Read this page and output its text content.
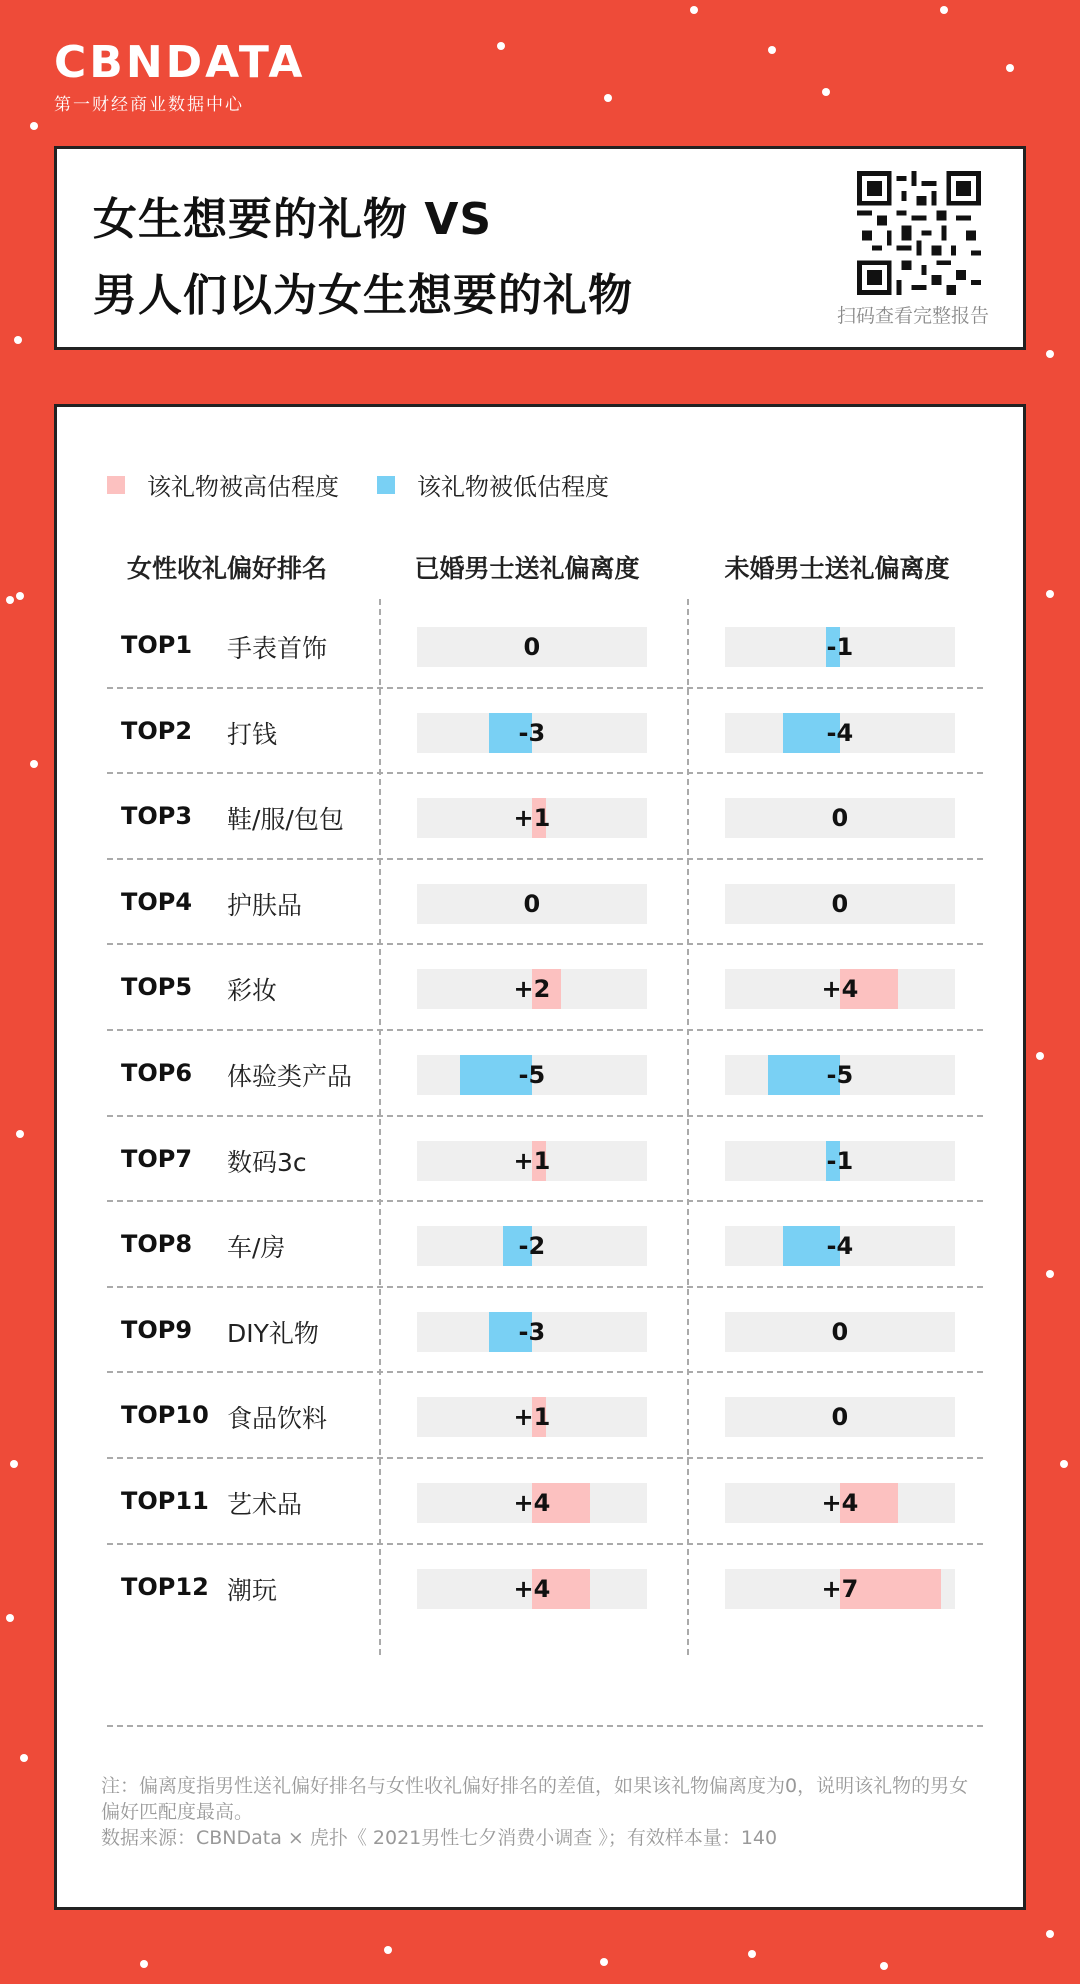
CBNDATA
第一财经商业数据中心
女生想要的礼物 VS
男人们以为女生想要的礼物	扫码查看完整报告
该礼物被高估程度	该礼物被低估程度
女性收礼偏好排名	已婚男士送礼偏离度	未婚男士送礼偏离度
TOP1 手表首饰	0	-1
TOP2 打钱	-3	-4
TOP3 鞋/服/包包	+1	0
TOP4 护肤品	0	0
TOP5 彩妆	+2	+4
TOP6 体验类产品	-5	-5
TOP7 数码3c	+1	-1
TOP8 车/房	-2	-4
TOP9 DIY礼物	-3	0
TOP10 食品饮料	+1	0
TOP11 艺术品	+4	+4
TOP12 潮玩	+4	+7
注：偏离度指男性送礼偏好排名与女性收礼偏好排名的差值，如果该礼物偏离度为0，说明该礼物的男女偏好匹配度最高。
数据来源：CBNData × 虎扑《 2021男性七夕消费小调查 》；有效样本量：140
